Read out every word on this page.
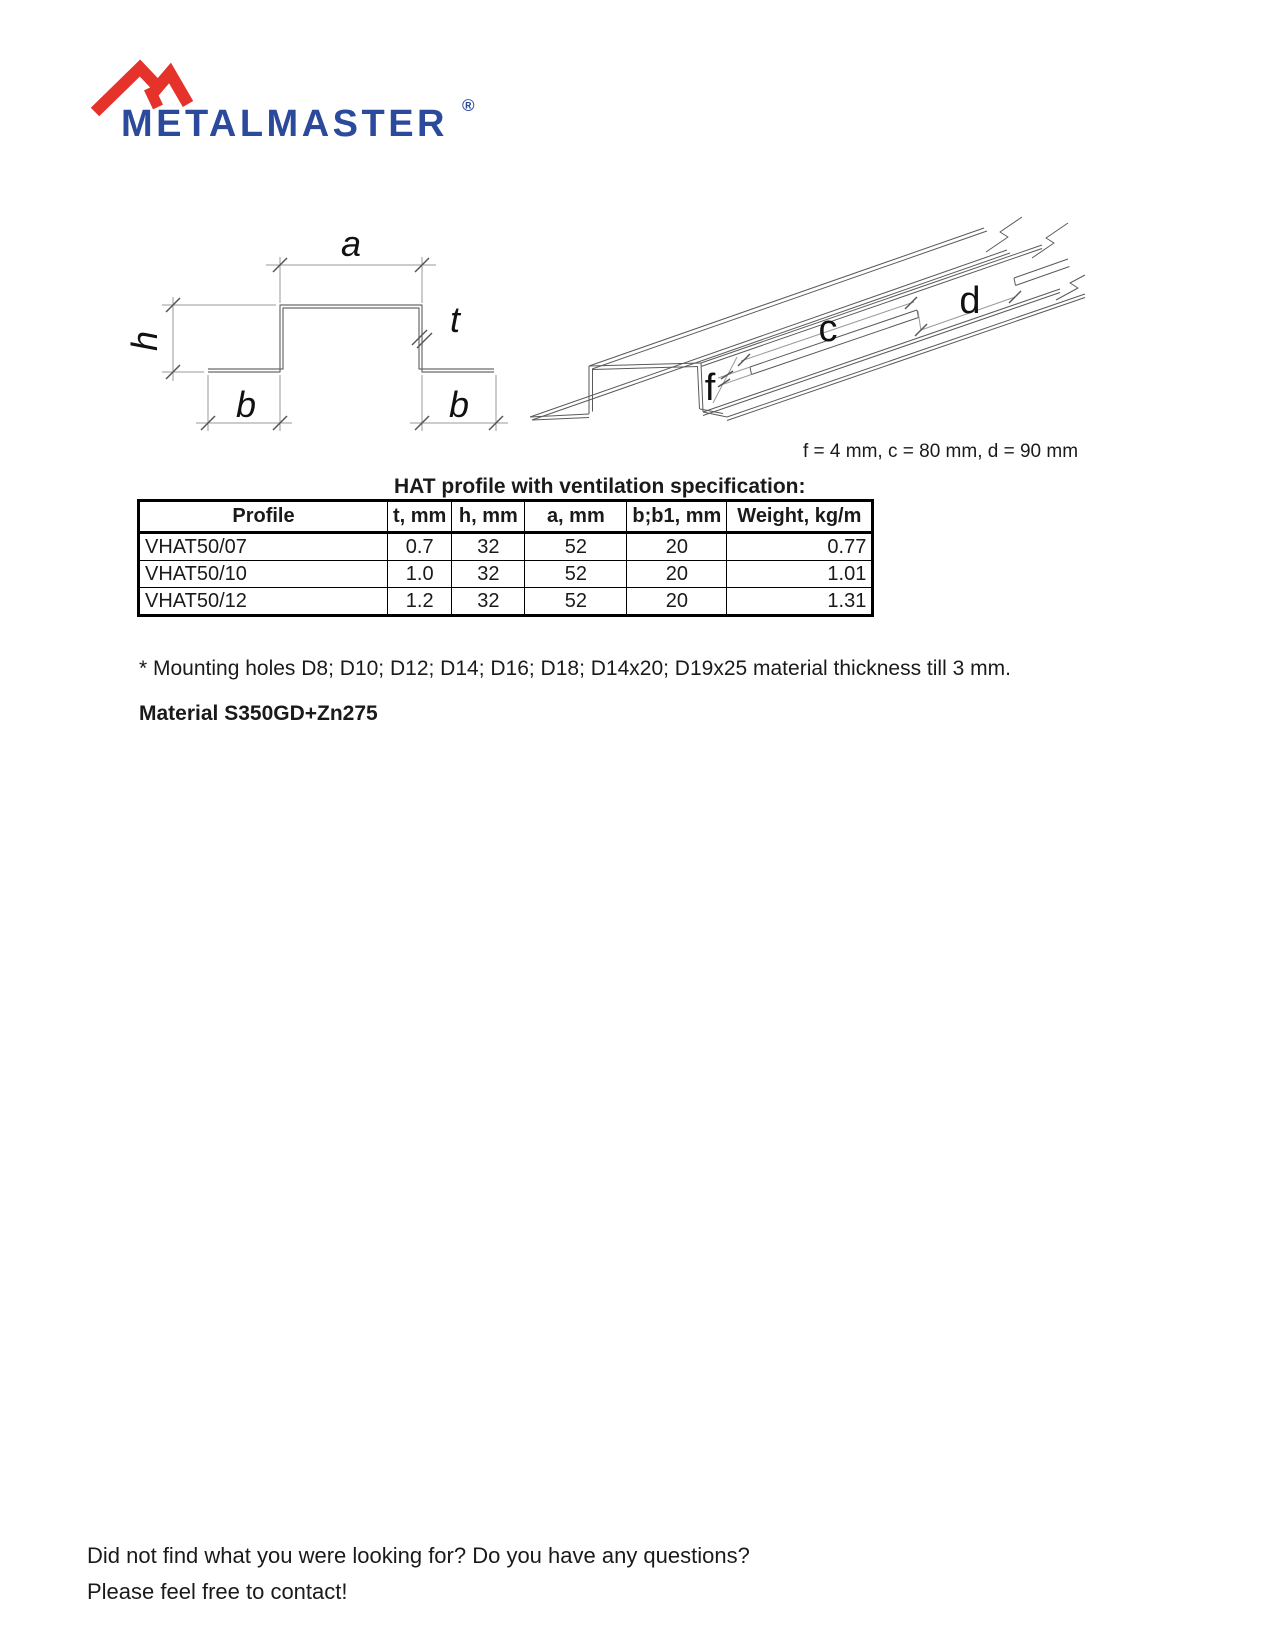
METALMASTER ®
a
t
h
b	b
c
d
f
f = 4 mm, c = 80 mm, d = 90 mm
HAT profile with ventilation specification:
Profile	t, mm	h, mm	a, mm	b;b1, mm	Weight, kg/m
VHAT50/07	0.7	32	52	20	0.77
VHAT50/10	1.0	32	52	20	1.01
VHAT50/12	1.2	32	52	20	1.31
* Mounting holes D8; D10; D12; D14; D16; D18; D14x20; D19x25 material thickness till 3 mm.
Material S350GD+Zn275
Did not find what you were looking for? Do you have any questions?
Please feel free to contact!
